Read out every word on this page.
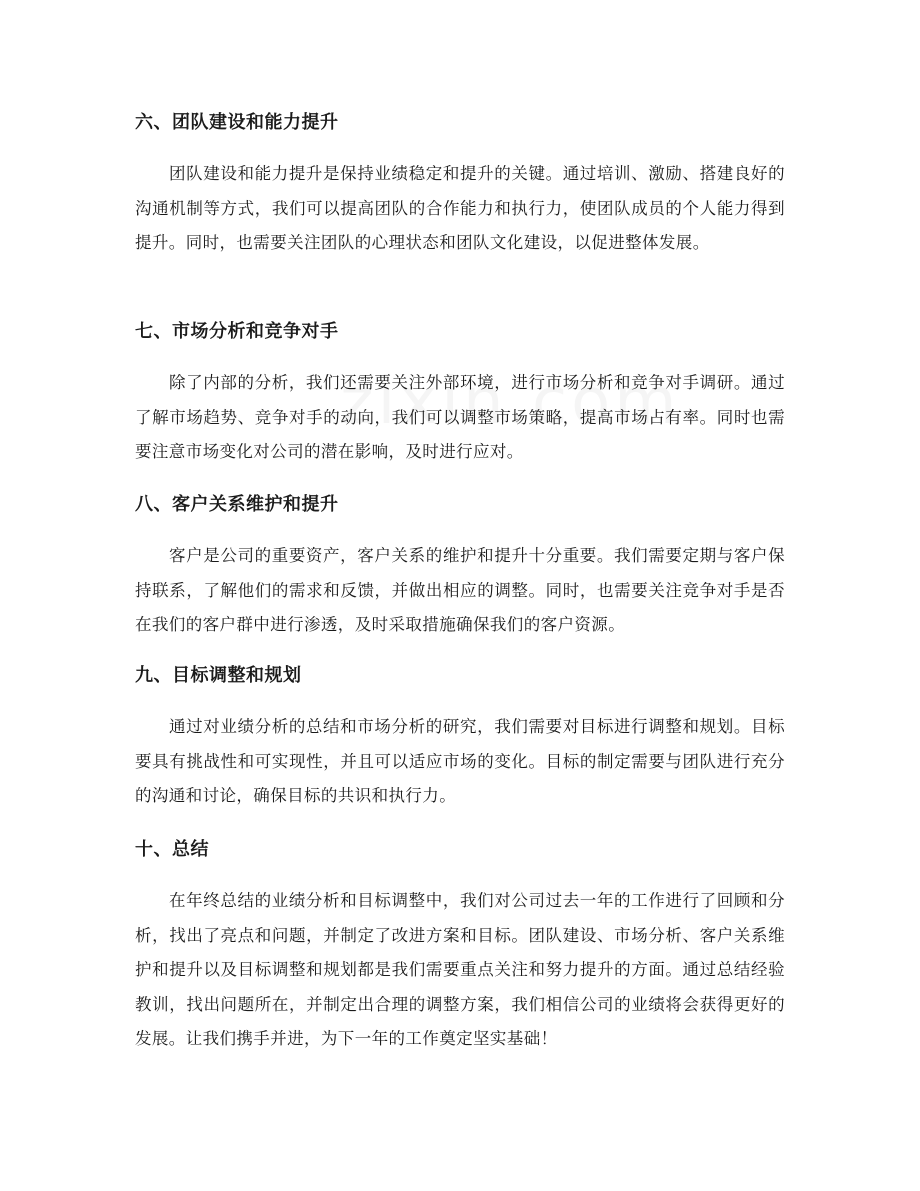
六、团队建设和能力提升

团队建设和能力提升是保持业绩稳定和提升的关键。通过培训、激励、搭建良好的沟通机制等方式，我们可以提高团队的合作能力和执行力，使团队成员的个人能力得到提升。同时，也需要关注团队的心理状态和团队文化建设，以促进整体发展。

七、市场分析和竞争对手

除了内部的分析，我们还需要关注外部环境，进行市场分析和竞争对手调研。通过了解市场趋势、竞争对手的动向，我们可以调整市场策略，提高市场占有率。同时也需要注意市场变化对公司的潜在影响，及时进行应对。

八、客户关系维护和提升

客户是公司的重要资产，客户关系的维护和提升十分重要。我们需要定期与客户保持联系，了解他们的需求和反馈，并做出相应的调整。同时，也需要关注竞争对手是否在我们的客户群中进行渗透，及时采取措施确保我们的客户资源。

九、目标调整和规划

通过对业绩分析的总结和市场分析的研究，我们需要对目标进行调整和规划。目标要具有挑战性和可实现性，并且可以适应市场的变化。目标的制定需要与团队进行充分的沟通和讨论，确保目标的共识和执行力。

十、总结

在年终总结的业绩分析和目标调整中，我们对公司过去一年的工作进行了回顾和分析，找出了亮点和问题，并制定了改进方案和目标。团队建设、市场分析、客户关系维护和提升以及目标调整和规划都是我们需要重点关注和努力提升的方面。通过总结经验教训，找出问题所在，并制定出合理的调整方案，我们相信公司的业绩将会获得更好的发展。让我们携手并进，为下一年的工作奠定坚实基础！
